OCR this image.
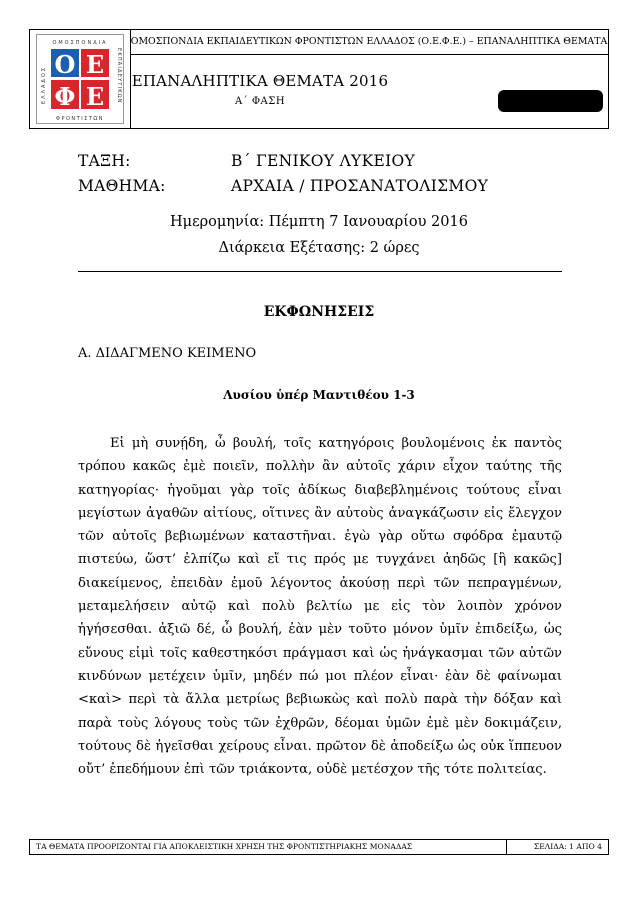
Ο Ε
Φ Ε
ΟΜΟΣΠΟΝΔΙΑ
ΦΡΟΝΤΙΣΤΩΝ
ΕΚΠΑΙΔΕΥΤΙΚΩΝ
ΕΛΛΑΔΟΣ
ΟΜΟΣΠΟΝΔΙΑ ΕΚΠΑΙΔΕΥΤΙΚΩΝ ΦΡΟΝΤΙΣΤΩΝ ΕΛΛΑΔΟΣ (Ο.Ε.Φ.Ε.) – ΕΠΑΝΑΛΗΠΤΙΚΑ ΘΕΜΑΤΑ
ΕΠΑΝΑΛΗΠΤΙΚΑ ΘΕΜΑΤΑ 2016
Α΄ ΦΑΣΗ
ΤΑΞΗ:	Β΄ ΓΕΝΙΚΟΥ ΛΥΚΕΙΟΥ
ΜΑΘΗΜΑ:	ΑΡΧΑΙΑ / ΠΡΟΣΑΝΑΤΟΛΙΣΜΟΥ
Ημερομηνία: Πέμπτη 7 Ιανουαρίου 2016
Διάρκεια Εξέτασης: 2 ώρες
ΕΚΦΩΝΗΣΕΙΣ
Α. ΔΙΔΑΓΜΕΝΟ ΚΕΙΜΕΝΟ
Λυσίου ὑπέρ Μαντιθέου 1-3
Εἰ μὴ συνῄδη, ὦ βουλή, τοῖς κατηγόροις βουλομένοις ἐκ παντὸς τρόπου κακῶς ἐμὲ ποιεῖν, πολλὴν ἂν αὐτοῖς χάριν εἶχον ταύτης τῆς κατηγορίας· ἡγοῦμαι γὰρ τοῖς ἀδίκως διαβεβλημένοις τούτους εἶναι μεγίστων ἀγαθῶν αἰτίους, οἵτινες ἂν αὐτοὺς ἀναγκάζωσιν εἰς ἔλεγχον τῶν αὐτοῖς βεβιωμένων καταστῆναι. ἐγὼ γὰρ οὕτω σφόδρα ἐμαυτῷ πιστεύω, ὥστ’ ἐλπίζω καὶ εἴ τις πρός με τυγχάνει ἀηδῶς [ἢ κακῶς] διακείμενος, ἐπειδὰν ἐμοῦ λέγοντος ἀκούσῃ περὶ τῶν πεπραγμένων, μεταμελήσειν αὐτῷ καὶ πολὺ βελτίω με εἰς τὸν λοιπὸν χρόνον ἡγήσεσθαι. ἀξιῶ δέ, ὦ βουλή, ἐὰν μὲν τοῦτο μόνον ὑμῖν ἐπιδείξω, ὡς εὔνους εἰμὶ τοῖς καθεστηκόσι πράγμασι καὶ ὡς ἠνάγκασμαι τῶν αὐτῶν κινδύνων μετέχειν ὑμῖν, μηδέν πώ μοι πλέον εἶναι· ἐὰν δὲ φαίνωμαι <καὶ> περὶ τὰ ἄλλα μετρίως βεβιωκὼς καὶ πολὺ παρὰ τὴν δόξαν καὶ παρὰ τοὺς λόγους τοὺς τῶν ἐχθρῶν, δέομαι ὑμῶν ἐμὲ μὲν δοκιμάζειν, τούτους δὲ ἡγεῖσθαι χείρους εἶναι. πρῶτον δὲ ἀποδείξω ὡς οὐκ ἵππευον οὔτ’ ἐπεδήμουν ἐπὶ τῶν τριάκοντα, οὐδὲ μετέσχον τῆς τότε πολιτείας.
ΤΑ ΘΕΜΑΤΑ ΠΡΟΟΡΙΖΟΝΤΑΙ ΓΙΑ ΑΠΟΚΛΕΙΣΤΙΚΗ ΧΡΗΣΗ ΤΗΣ ΦΡΟΝΤΙΣΤΗΡΙΑΚΗΣ ΜΟΝΑΔΑΣ	ΣΕΛΙΔΑ: 1 ΑΠΟ 4
